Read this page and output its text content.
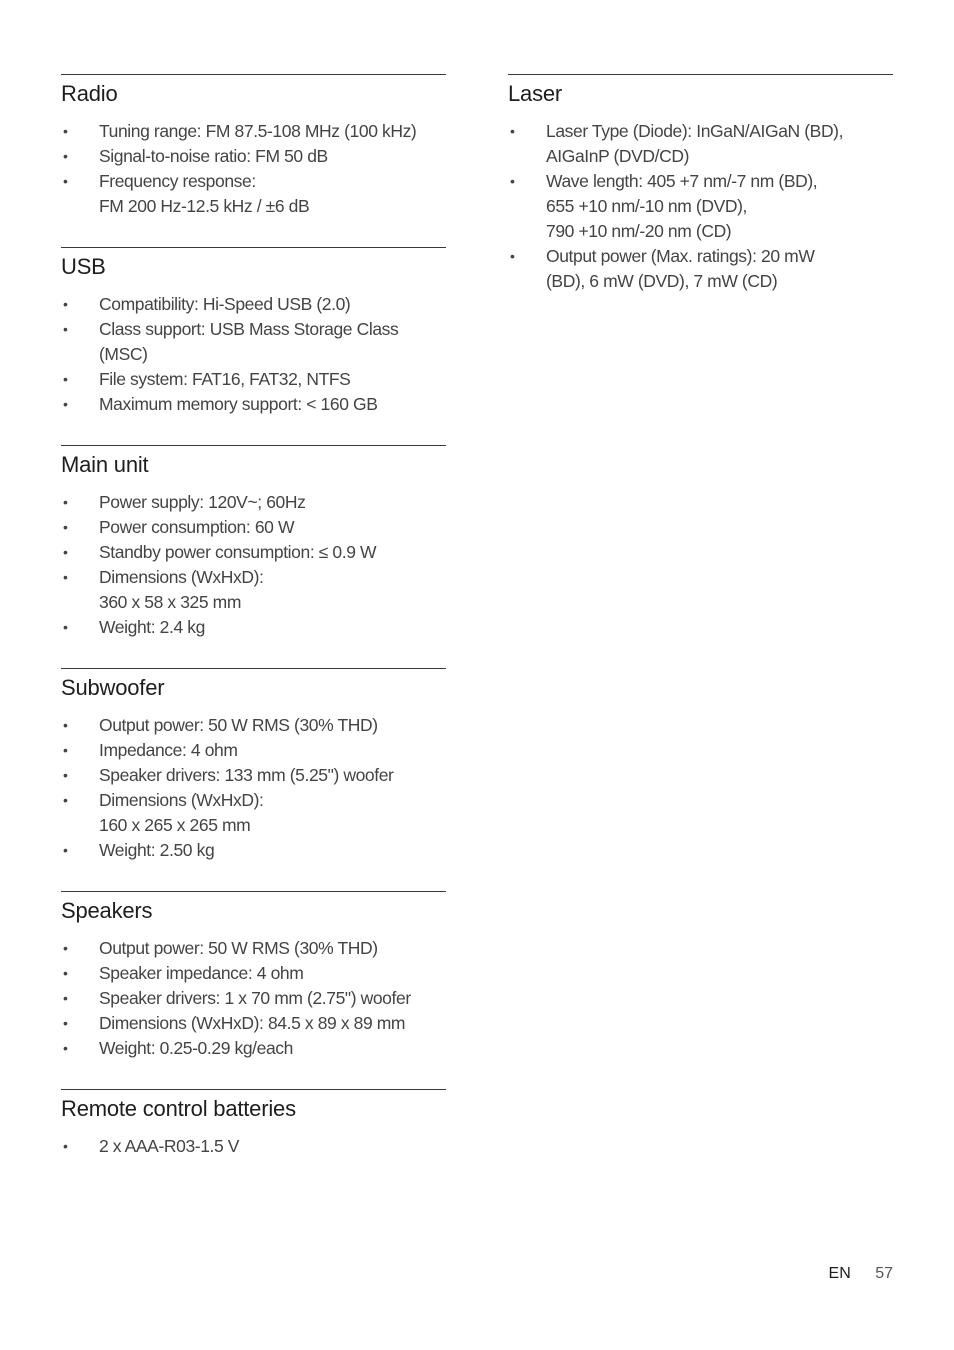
Radio
• Tuning range: FM 87.5-108 MHz (100 kHz)
• Signal-to-noise ratio: FM 50 dB
• Frequency response:
FM 200 Hz-12.5 kHz / ±6 dB
USB
• Compatibility: Hi-Speed USB (2.0)
• Class support: USB Mass Storage Class
(MSC)
• File system: FAT16, FAT32, NTFS
• Maximum memory support: < 160 GB
Main unit
• Power supply: 120V~; 60Hz
• Power consumption: 60 W
• Standby power consumption: ≤ 0.9 W
• Dimensions (WxHxD):
360 x 58 x 325 mm
• Weight: 2.4 kg
Subwoofer
• Output power: 50 W RMS (30% THD)
• Impedance: 4 ohm
• Speaker drivers: 133 mm (5.25") woofer
• Dimensions (WxHxD):
160 x 265 x 265 mm
• Weight: 2.50 kg
Speakers
• Output power: 50 W RMS (30% THD)
• Speaker impedance: 4 ohm
• Speaker drivers: 1 x 70 mm (2.75") woofer
• Dimensions (WxHxD): 84.5 x 89 x 89 mm
• Weight: 0.25-0.29 kg/each
Remote control batteries
• 2 x AAA-R03-1.5 V
Laser
• Laser Type (Diode): InGaN/AIGaN (BD),
AIGaInP (DVD/CD)
• Wave length: 405 +7 nm/-7 nm (BD),
655 +10 nm/-10 nm (DVD),
790 +10 nm/-20 nm (CD)
• Output power (Max. ratings): 20 mW
(BD), 6 mW (DVD), 7 mW (CD)
EN 57
